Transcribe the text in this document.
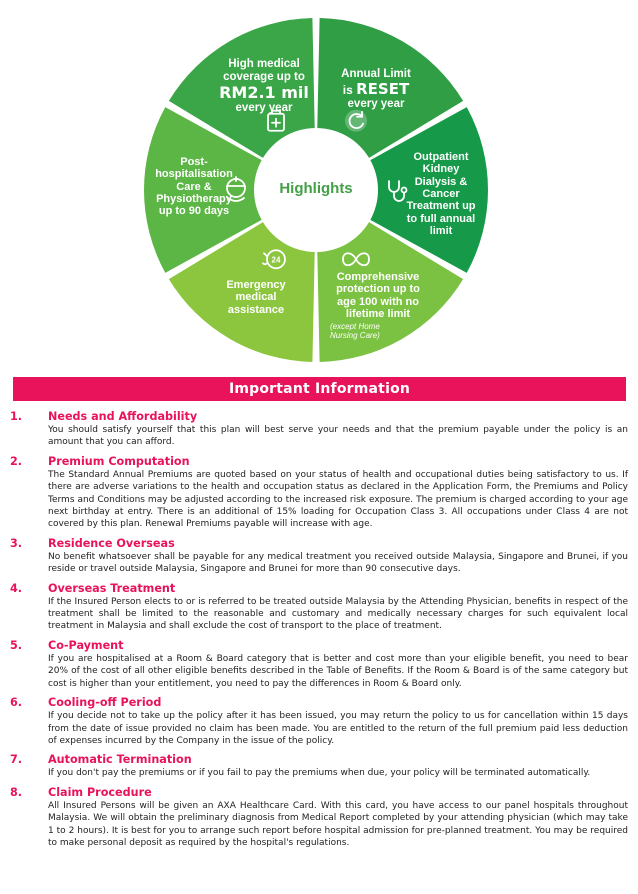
24
High medical
coverage up to
RM2.1 mil
every year
Annual Limit
is RESET
every year
Outpatient
Kidney
Dialysis &
Cancer
Treatment up
to full annual
limit
Comprehensive
protection up to
age 100 with no
lifetime limit
(except Home
Nursing Care)
Emergency
medical
assistance
Post-
hospitalisation
Care &
Physiotherapy
up to 90 days
Highlights
Important Information
1.	Needs and Affordability
You should satisfy yourself that this plan will best serve your needs and that the premium payable under the policy is an amount that you can afford.
2.	Premium Computation
The Standard Annual Premiums are quoted based on your status of health and occupational duties being satisfactory to us. If there are adverse variations to the health and occupation status as declared in the Application Form, the Premiums and Policy Terms and Conditions may be adjusted according to the increased risk exposure. The premium is charged according to your age next birthday at entry. There is an additional of 15% loading for Occupation Class 3. All occupations under Class 4 are not covered by this plan. Renewal Premiums payable will increase with age.
3.	Residence Overseas
No benefit whatsoever shall be payable for any medical treatment you received outside Malaysia, Singapore and Brunei, if you reside or travel outside Malaysia, Singapore and Brunei for more than 90 consecutive days.
4.	Overseas Treatment
If the Insured Person elects to or is referred to be treated outside Malaysia by the Attending Physician, benefits in respect of the treatment shall be limited to the reasonable and customary and medically necessary charges for such equivalent local treatment in Malaysia and shall exclude the cost of transport to the place of treatment.
5.	Co-Payment
If you are hospitalised at a Room & Board category that is better and cost more than your eligible benefit, you need to bear 20% of the cost of all other eligible benefits described in the Table of Benefits. If the Room & Board is of the same category but cost is higher than your entitlement, you need to pay the differences in Room & Board only.
6.	Cooling-off Period
If you decide not to take up the policy after it has been issued, you may return the policy to us for cancellation within 15 days from the date of issue provided no claim has been made. You are entitled to the return of the full premium paid less deduction of expenses incurred by the Company in the issue of the policy.
7.	Automatic Termination
If you don't pay the premiums or if you fail to pay the premiums when due, your policy will be terminated automatically.
8.	Claim Procedure
All Insured Persons will be given an AXA Healthcare Card. With this card, you have access to our panel hospitals throughout Malaysia. We will obtain the preliminary diagnosis from Medical Report completed by your attending physician (which may take 1 to 2 hours). It is best for you to arrange such report before hospital admission for pre-planned treatment. You may be required to make personal deposit as required by the hospital's regulations.
